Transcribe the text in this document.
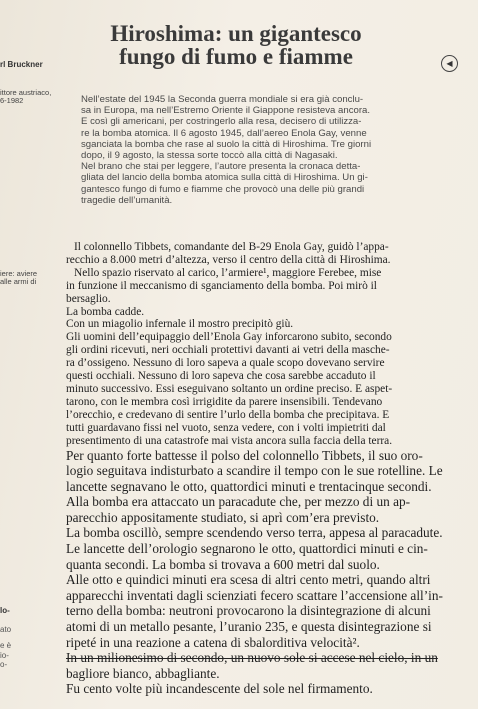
Hiroshima: un gigantesco
fungo di fumo e fiamme
rl Bruckner	◀
ittore austriaco,
6-1982	Nell’estate del 1945 la Seconda guerra mondiale si era già conclu-
sa in Europa, ma nell’Estremo Oriente il Giappone resisteva ancora.
E così gli americani, per costringerlo alla resa, decisero di utilizza-
re la bomba atomica. Il 6 agosto 1945, dall’aereo Enola Gay, venne
sganciata la bomba che rase al suolo la città di Hiroshima. Tre giorni
dopo, il 9 agosto, la stessa sorte toccò alla città di Nagasaki.
Nel brano che stai per leggere, l’autore presenta la cronaca detta-
gliata del lancio della bomba atomica sulla città di Hiroshima. Un gi-
gantesco fungo di fumo e fiamme che provocò una delle più grandi
tragedie dell’umanità.
iere: aviere
alle armi di
Il colonnello Tibbets, comandante del B-29 Enola Gay, guidò l’appa-
recchio a 8.000 metri d’altezza, verso il centro della città di Hiroshima.
Nello spazio riservato al carico, l’armiere¹, maggiore Ferebee, mise
in funzione il meccanismo di sganciamento della bomba. Poi mirò il
bersaglio.
La bomba cadde.
Con un miagolio infernale il mostro precipitò giù.
Gli uomini dell’equipaggio dell’Enola Gay inforcarono subito, secondo
gli ordini ricevuti, neri occhiali protettivi davanti ai vetri della masche-
ra d’ossigeno. Nessuno di loro sapeva a quale scopo dovevano servire
questi occhiali. Nessuno di loro sapeva che cosa sarebbe accaduto il
minuto successivo. Essi eseguivano soltanto un ordine preciso. E aspet-
tarono, con le membra così irrigidite da parere insensibili. Tendevano
l’orecchio, e credevano di sentire l’urlo della bomba che precipitava. E
tutti guardavano fissi nel vuoto, senza vedere, con i volti impietriti dal
presentimento di una catastrofe mai vista ancora sulla faccia della terra.
Per quanto forte battesse il polso del colonnello Tibbets, il suo oro-
logio seguitava indisturbato a scandire il tempo con le sue rotelline. Le
lancette segnavano le otto, quattordici minuti e trentacinque secondi.
Alla bomba era attaccato un paracadute che, per mezzo di un ap-
parecchio appositamente studiato, si aprì com’era previsto.
La bomba oscillò, sempre scendendo verso terra, appesa al paracadute.
Le lancette dell’orologio segnarono le otto, quattordici minuti e cin-
quanta secondi. La bomba si trovava a 600 metri dal suolo.
Alle otto e quindici minuti era scesa di altri cento metri, quando altri
apparecchi inventati dagli scienziati fecero scattare l’accensione all’in-
terno della bomba: neutroni provocarono la disintegrazione di alcuni
atomi di un metallo pesante, l’uranio 235, e questa disintegrazione si
ripeté in una reazione a catena di sbalorditiva velocità².
In un milionesimo di secondo, un nuovo sole si accese nel cielo, in un
bagliore bianco, abbagliante.
Fu cento volte più incandescente del sole nel firmamento.
lo-
ato
e è
io-
o-
